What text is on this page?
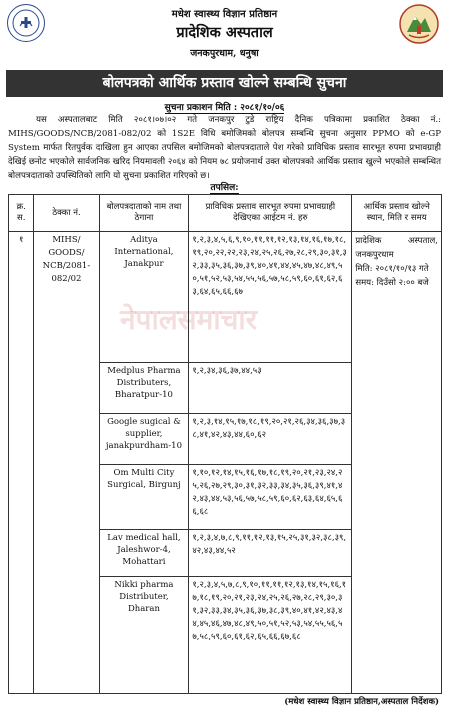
मधेश स्वास्थ्य विज्ञान प्रतिष्ठान
प्रादेशिक अस्पताल
जनकपुरधाम, धनुषा
बोलपत्रको आर्थिक प्रस्ताव खोल्ने सम्बन्धि सुचना
सुचना प्रकाशन मिति : २०८१/१०/०६
यस अस्पतालबाट मिति २०८१।०७।०२ गते जनकपुर टुडे राष्ट्रिय दैनिक पत्रिकामा प्रकाशित ठेक्का नं.: MIHS/GOODS/NCB/2081-082/02 को 1S2E विधि बमोजिमको बोलपत्र सम्बन्धि सुचना अनुसार PPMO को e-GP System मार्फत रितपुर्वक दाखिला हुन आएका तपसिल बमोजिमको बोलपत्रदाताले पेश गरेको प्राविधिक प्रस्ताव सारभूत रुपमा प्रभावग्राही देखिई छनोट भएकोले सार्वजनिक खरिद नियमावली २०६४ को नियम ७८ प्रयोजनार्थ उक्त बोलपत्रको आर्थिक प्रस्ताव खुल्ने भएकोले सम्बन्धित बोलपत्रदाताको उपस्थितिको लागि यो सुचना प्रकाशित गरिएको छ।
तपसिल:
नेपालसमाचार
क्र. स.	ठेक्का नं.	बोलपत्रदाताको नाम तथा ठेगाना	प्राविधिक प्रस्ताव सारभूत रुपमा प्रभावग्राही देखिएका आईटम नं. हरु	आर्थिक प्रस्ताव खोल्ने स्थान, मिति र समय
१	MIHS/ GOODS/ NCB/2081- 082/02	Aditya International, Janakpur	१,२,३,४,५,६,९,१०,११,११,१२,१३,१४,१६,१७,१८,१९,२०,२२,२२,२३,२४,२५,२६,२७,२८,२९,३०,३१,३२,३३,३५,३६,३७,३९,४०,४१,४४,४५,४७,४८,४९,५०,५१,५२,५३,५४,५५,५६,५७,५८,५९,६०,६१,६२,६३,६४,६५,६६,६७	प्रादेशिक अस्पताल, जनकपुरधाम
मिति: २०८१/१०/१३ गते
समय: दिउँसो २:०० बजे

		Medplus Pharma Distributers, Bharatpur-10	१,२,३४,३६,३७,४४,५३	
		Google sugical & supplier, janakpurdham-10	१,२,३,१४,१५,१७,१८,१९,२०,२१,२६,३४,३६,३७,३८,४१,४२,४३,४४,६०,६२	
		Om Multi City Surgical, Birgunj	१,१०,१२,१४,१५,१६,१७,१८,१९,२०,२१,२३,२४,२५,२६,२७,२९,३०,३१,३२,३३,३४,३५,३६,३९,४१,४२,४३,४४,५३,५६,५७,५८,५९,६०,६२,६३,६४,६५,६६,६८	
		Lav medical hall, Jaleshwor-4, Mohattari	१,२,३,४,७,८,९,११,१२,१३,१५,२५,३१,३२,३८,३९,४२,४३,४४,५२	
		Nikki pharma Distributer, Dharan	१,२,३,४,५,७,८,९,१०,११,११,१२,१३,१४,१५,१६,१७,१८,१९,२०,२१,२३,२४,२५,२६,२७,२८,२९,३०,३१,३२,३३,३४,३५,३६,३७,३८,३९,४०,४१,४२,४३,४४,४५,४६,४७,४८,४९,५०,५१,५२,५३,५४,५५,५६,५७,५८,५९,६०,६१,६२,६५,६६,६७,६८	
(मधेश स्वास्थ्य विज्ञान प्रतिष्ठान,अस्पताल निर्देशक)
